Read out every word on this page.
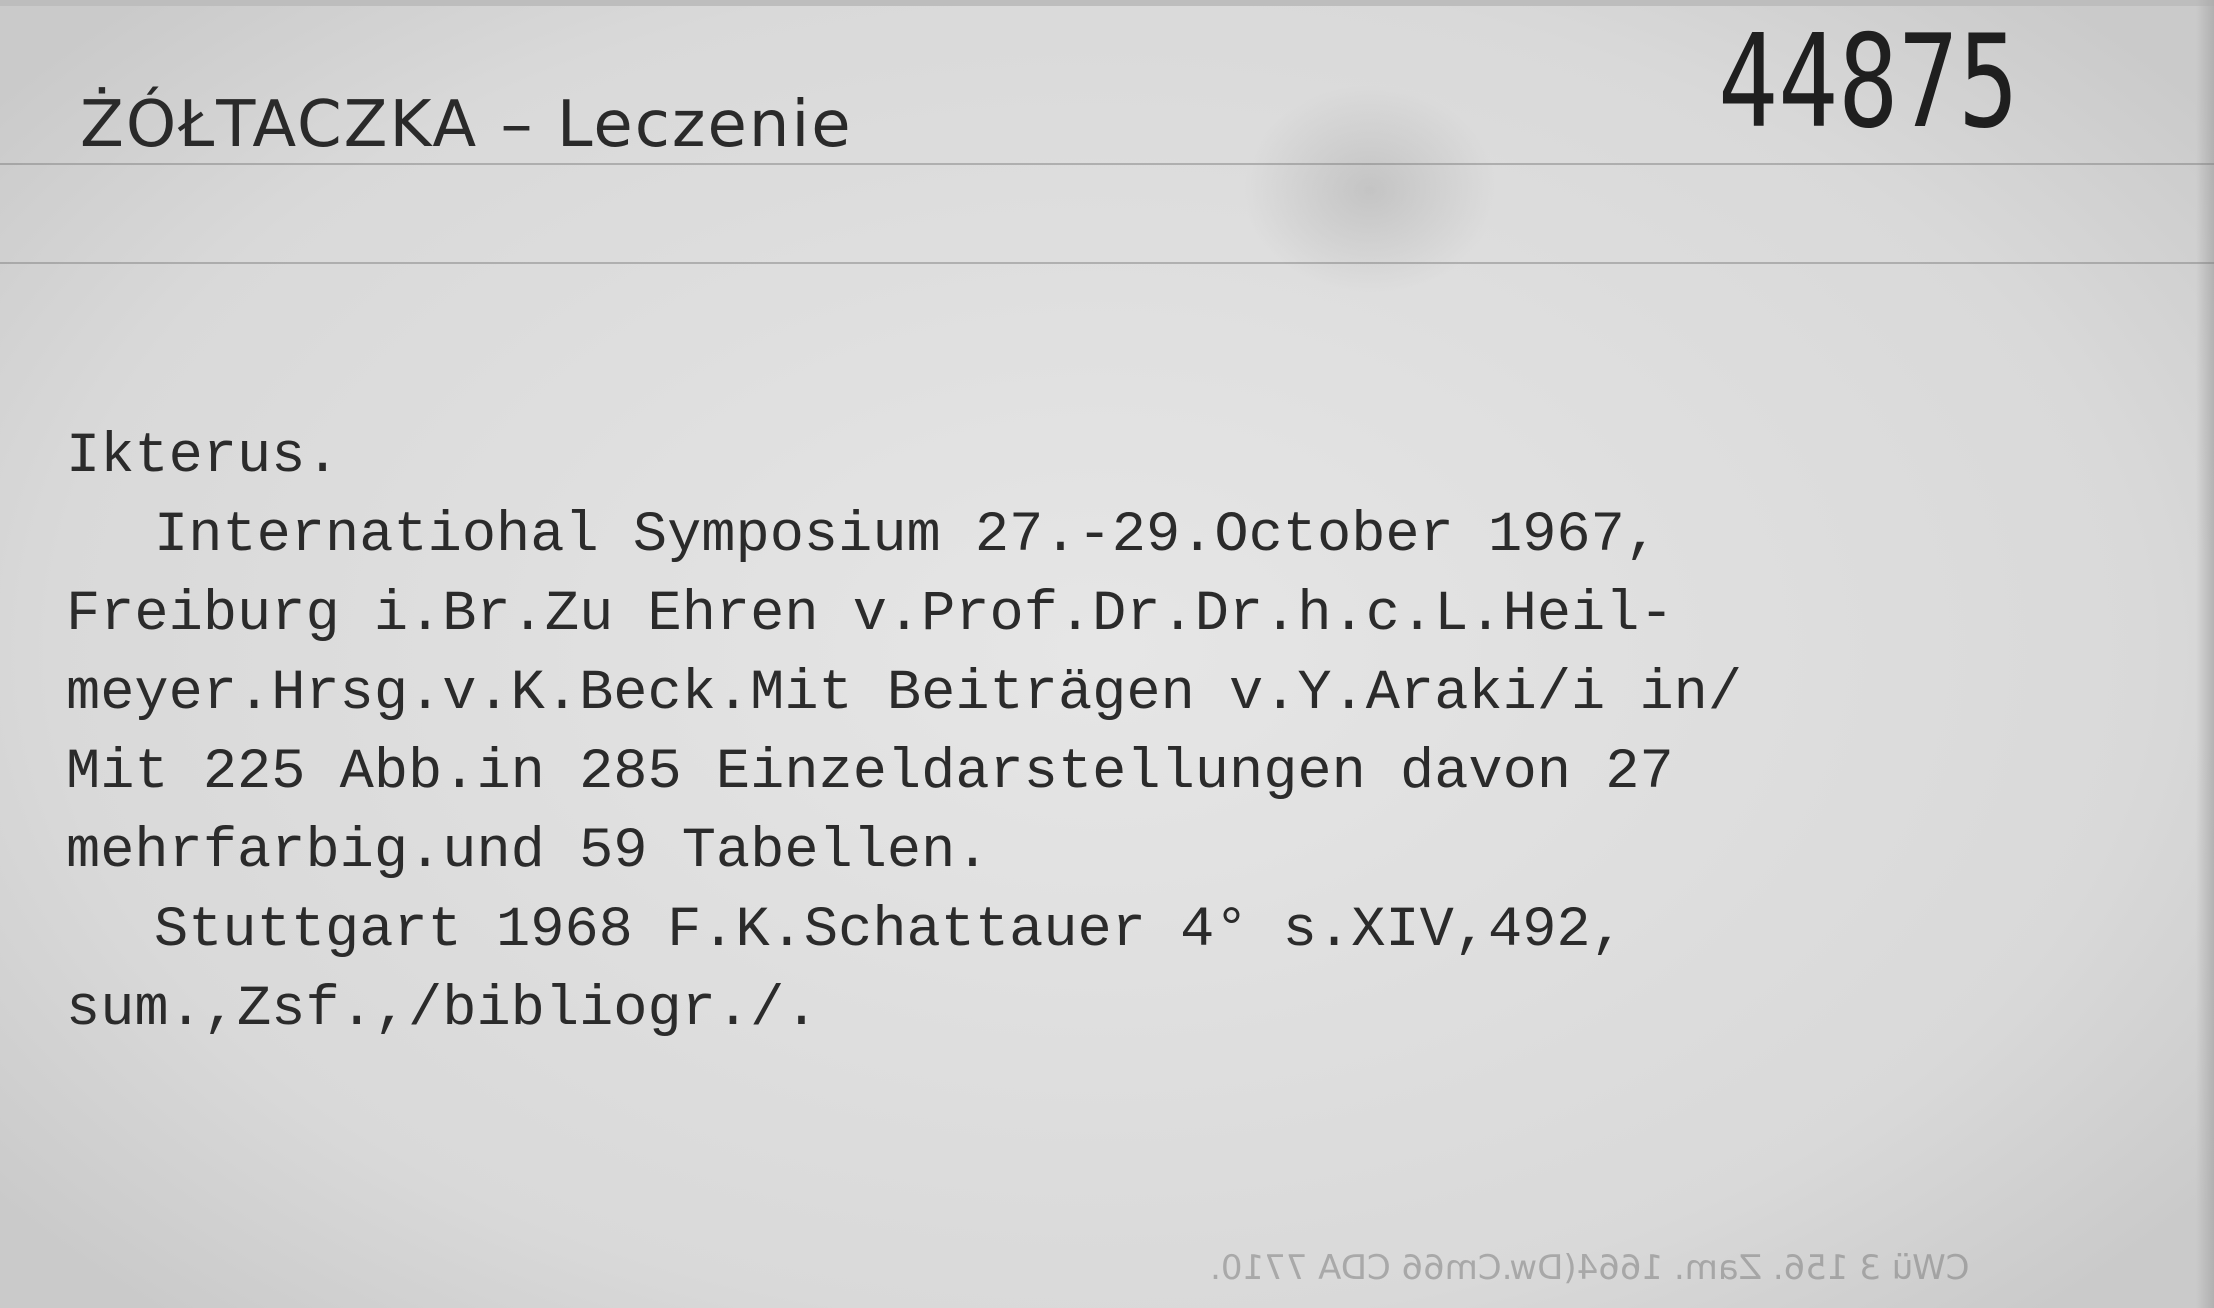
ŻÓŁTACZKA – Leczenie	44875
Ikterus.
Internatiohal Symposium 27.-29.October 1967,
Freiburg i.Br.Zu Ehren v.Prof.Dr.Dr.h.c.L.Heil-
meyer.Hrsg.v.K.Beck.Mit Beiträgen v.Y.Araki/i in/
Mit 225 Abb.in 285 Einzeldarstellungen davon 27
mehrfarbig.und 59 Tabellen.
Stuttgart 1968 F.K.Schattauer 4° s.XIV,492,
sum.,Zsf.,/bibliogr./.
CWü 3 156. Zam. 1664(Dw.Cm66 CDA 7710.
